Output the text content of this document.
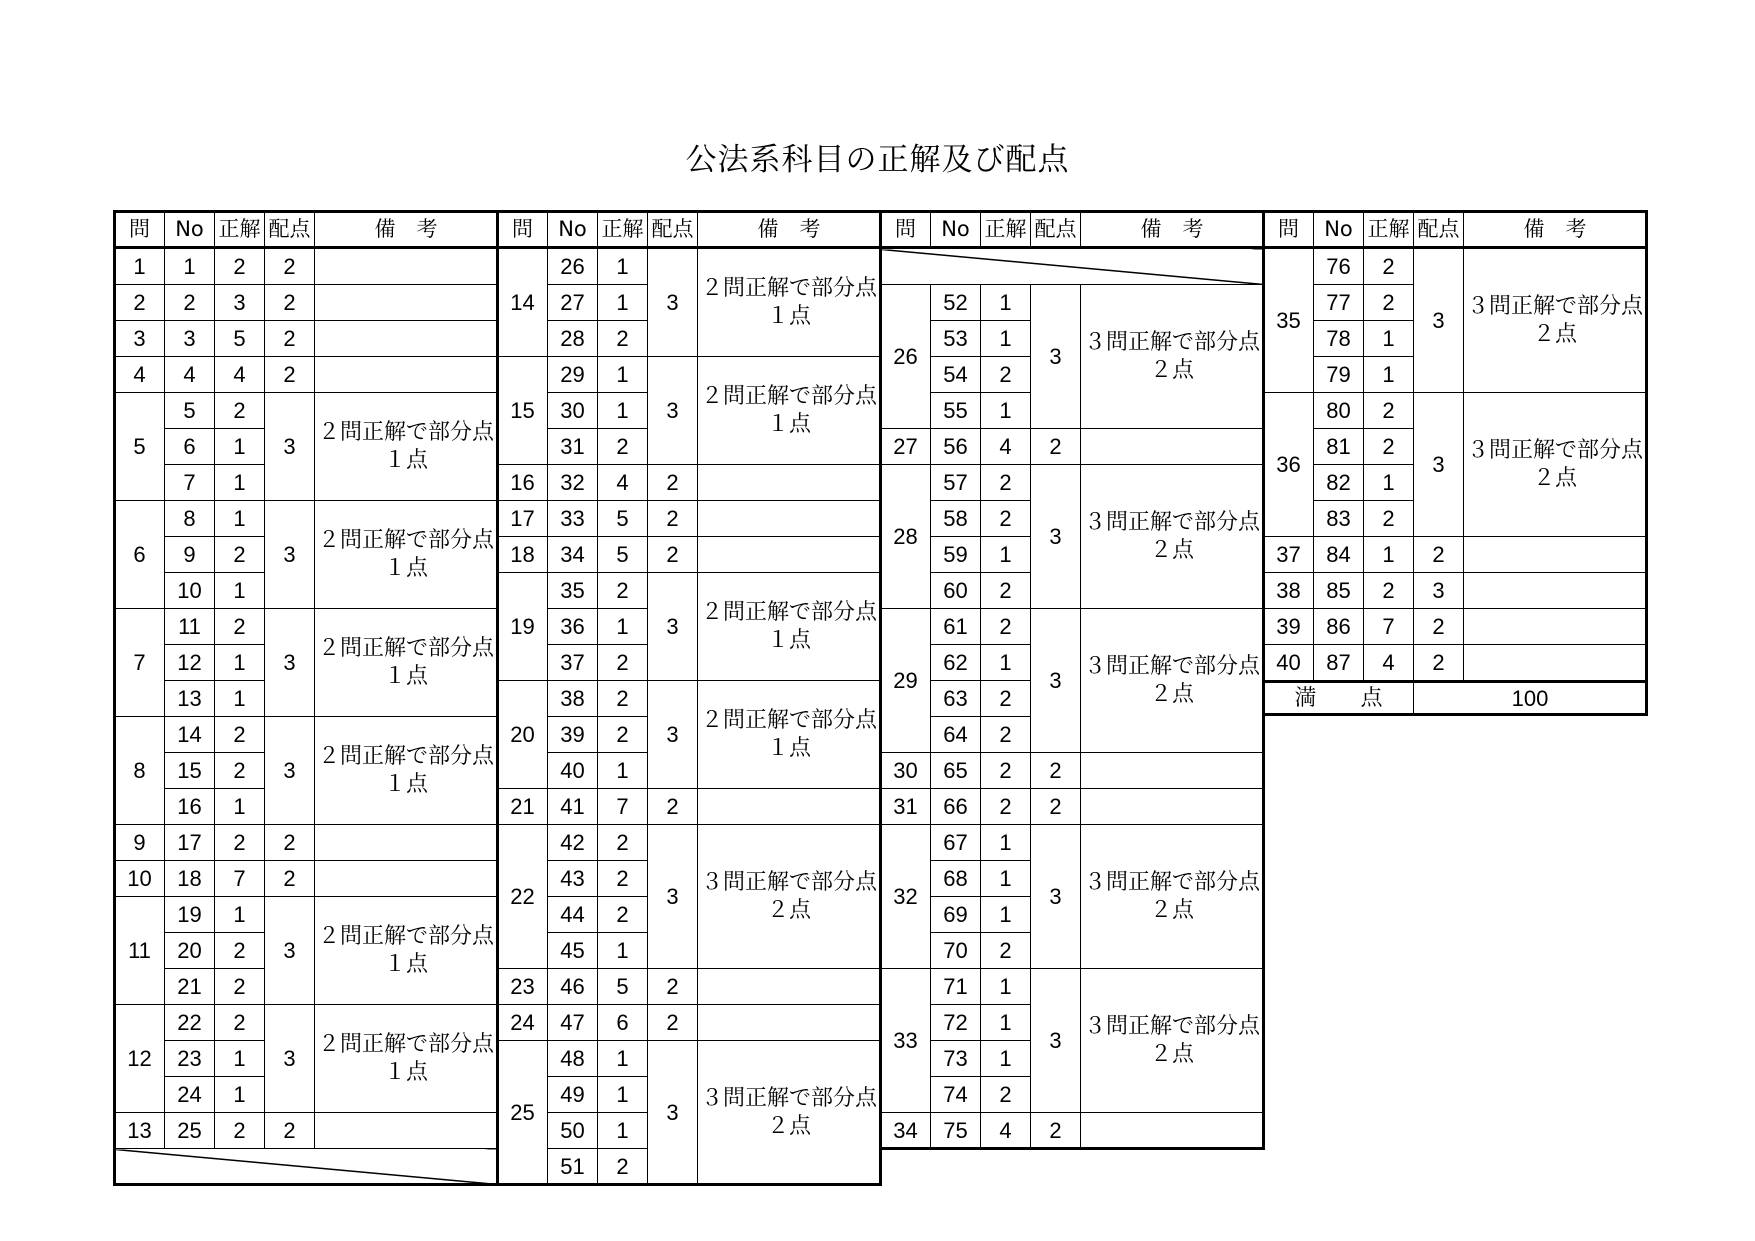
公法系科目の正解及び配点
問	No	正解	配点	備　考
1	1	2	2	
2	2	3	2	
3	3	5	2	
4	4	4	2	
5	5	2	3	２問正解で部分点１点
	6	1		
	7	1		
6	8	1	3	２問正解で部分点１点
	9	2		
	10	1		
7	11	2	3	２問正解で部分点１点
	12	1		
	13	1		
8	14	2	3	２問正解で部分点１点
	15	2		
	16	1		
9	17	2	2	
10	18	7	2	
11	19	1	3	２問正解で部分点１点
	20	2		
	21	2		
12	22	2	3	２問正解で部分点１点
	23	1		
	24	1		
13	25	2	2	

問	No	正解	配点	備　考
14	26	1	3	２問正解で部分点１点
	27	1		
	28	2		
15	29	1	3	２問正解で部分点１点
	30	1		
	31	2		
16	32	4	2	
17	33	5	2	
18	34	5	2	
19	35	2	3	２問正解で部分点１点
	36	1		
	37	2		
20	38	2	3	２問正解で部分点１点
	39	2		
	40	1		
21	41	7	2	
22	42	2	3	３問正解で部分点２点
	43	2		
	44	2		
	45	1		
23	46	5	2	
24	47	6	2	
25	48	1	3	３問正解で部分点２点
	49	1		
	50	1		
	51	2		
問	No	正解	配点	備　考

26	52	1	3	３問正解で部分点２点
	53	1		
	54	2		
	55	1		
27	56	4	2	
28	57	2	3	３問正解で部分点２点
	58	2		
	59	1		
	60	2		
29	61	2	3	３問正解で部分点２点
	62	1		
	63	2		
	64	2		
30	65	2	2	
31	66	2	2	
32	67	1	3	３問正解で部分点２点
	68	1		
	69	1		
	70	2		
33	71	1	3	３問正解で部分点２点
	72	1		
	73	1		
	74	2		
34	75	4	2	
問	No	正解	配点	備　考
35	76	2	3	３問正解で部分点２点
	77	2		
	78	1		
	79	1		
36	80	2	3	３問正解で部分点２点
	81	2		
	82	1		
	83	2		
37	84	1	2	
38	85	2	3	
39	86	7	2	
40	87	4	2	
満　　点			100	
